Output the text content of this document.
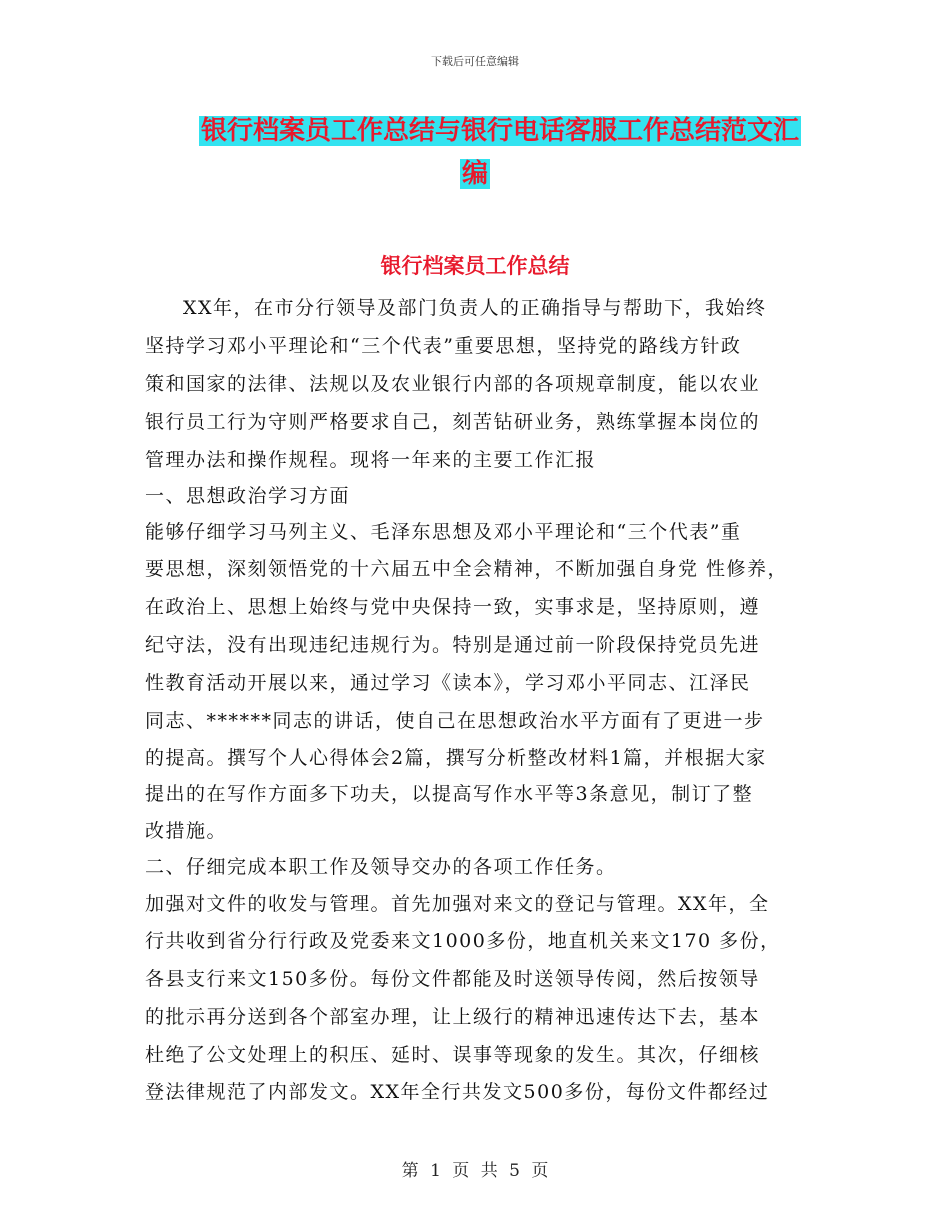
下载后可任意编辑
银行档案员工作总结与银行电话客服工作总结范文汇
编
银行档案员工作总结
XX年，在市分行领导及部门负责人的正确指导与帮助下，我始终
坚持学习邓小平理论和“三个代表”重要思想，坚持党的路线方针政
策和国家的法律、法规以及农业银行内部的各项规章制度，能以农业
银行员工行为守则严格要求自己，刻苦钻研业务，熟练掌握本岗位的
管理办法和操作规程。现将一年来的主要工作汇报
一、思想政治学习方面
能够仔细学习马列主义、毛泽东思想及邓小平理论和“三个代表”重
要思想，深刻领悟党的十六届五中全会精神，不断加强自身党 性修养，
在政治上、思想上始终与党中央保持一致，实事求是，坚持原则，遵
纪守法，没有出现违纪违规行为。特别是通过前一阶段保持党员先进
性教育活动开展以来，通过学习《读本》，学习邓小平同志、江泽民
同志、******同志的讲话，使自己在思想政治水平方面有了更进一步
的提高。撰写个人心得体会2篇，撰写分析整改材料1篇，并根据大家
提出的在写作方面多下功夫，以提高写作水平等3条意见，制订了整
改措施。
二、仔细完成本职工作及领导交办的各项工作任务。
加强对文件的收发与管理。首先加强对来文的登记与管理。XX年，全
行共收到省分行行政及党委来文1000多份，地直机关来文170 多份，
各县支行来文150多份。每份文件都能及时送领导传阅，然后按领导
的批示再分送到各个部室办理，让上级行的精神迅速传达下去，基本
杜绝了公文处理上的积压、延时、误事等现象的发生。其次，仔细核
登法律规范了内部发文。XX年全行共发文500多份，每份文件都经过
第 1 页 共 5 页
